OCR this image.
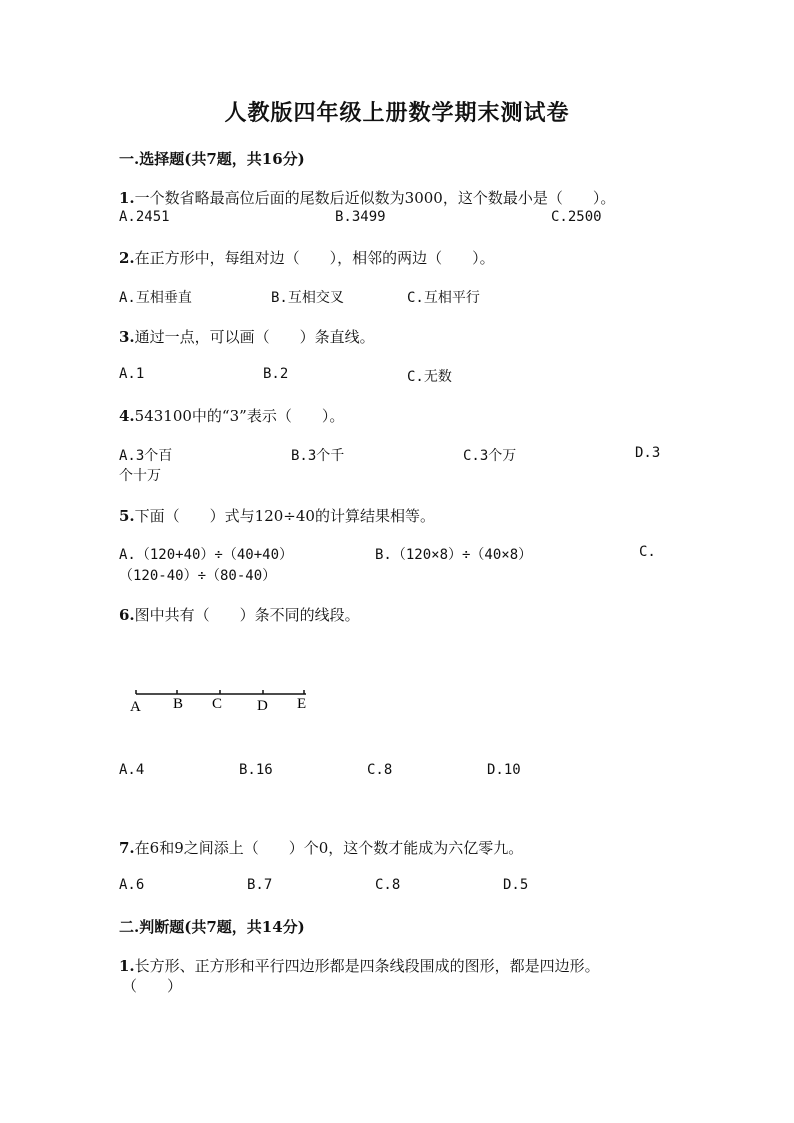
人教版四年级上册数学期末测试卷
一.选择题(共7题，共16分)
1.一个数省略最高位后面的尾数后近似数为3000，这个数最小是（　　）。
A.2451	B.3499	C.2500
2.在正方形中，每组对边（　　），相邻的两边（　　）。
A.互相垂直	B.互相交叉	C.互相平行
3.通过一点，可以画（　　）条直线。
A.1	B.2	C.无数
4.543100中的“3”表示（　　）。
A.3个百	B.3个千	C.3个万	D.3
个十万
5.下面（　　）式与120÷40的计算结果相等。
A.（120+40）÷（40+40）	B.（120×8）÷（40×8）	C.
（120-40）÷（80-40）
6.图中共有（　　）条不同的线段。
A B C D E
A.4	B.16	C.8	D.10
7.在6和9之间添上（　　）个0，这个数才能成为六亿零九。
A.6	B.7	C.8	D.5
二.判断题(共7题，共14分)
1.长方形、正方形和平行四边形都是四条线段围成的图形，都是四边形。
（　　）
